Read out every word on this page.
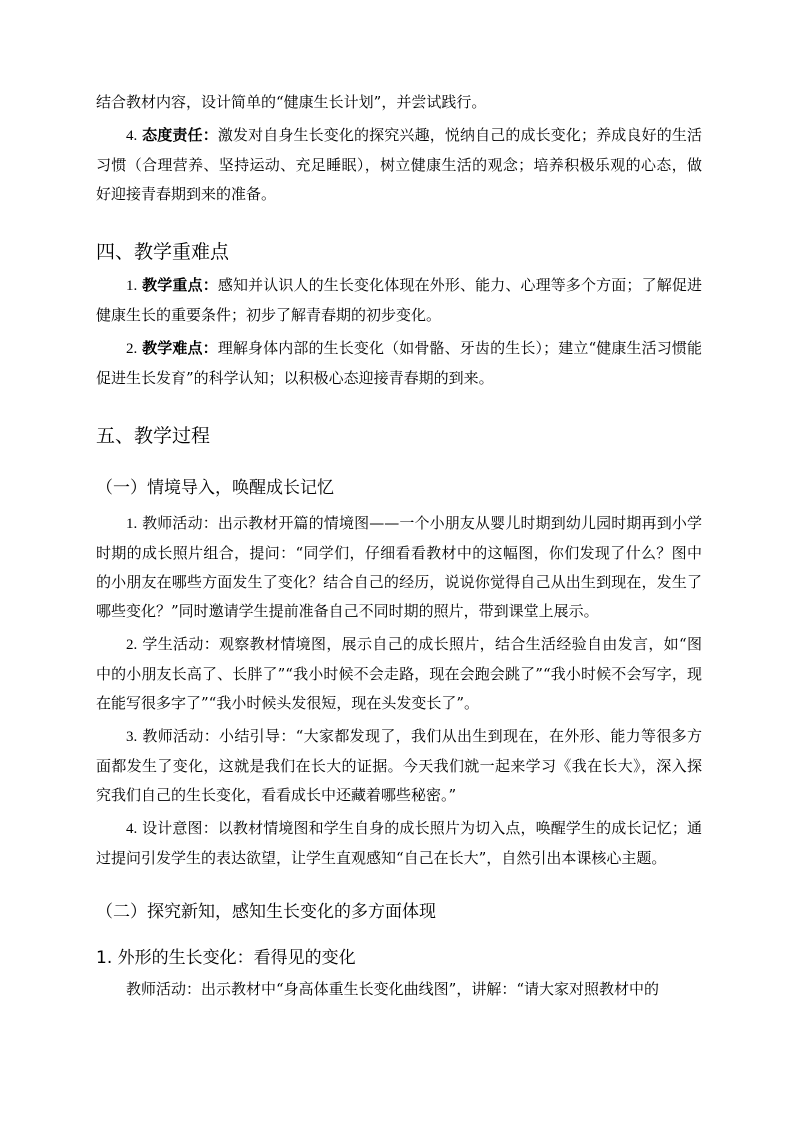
结合教材内容，设计简单的“健康生长计划”，并尝试践行。

4. 态度责任：激发对自身生长变化的探究兴趣，悦纳自己的成长变化；养成良好的生活习惯（合理营养、坚持运动、充足睡眠），树立健康生活的观念；培养积极乐观的心态，做好迎接青春期到来的准备。

四、教学重难点

1. 教学重点：感知并认识人的生长变化体现在外形、能力、心理等多个方面；了解促进健康生长的重要条件；初步了解青春期的初步变化。

2. 教学难点：理解身体内部的生长变化（如骨骼、牙齿的生长）；建立“健康生活习惯能促进生长发育”的科学认知；以积极心态迎接青春期的到来。

五、教学过程
（一）情境导入，唤醒成长记忆

1. 教师活动：出示教材开篇的情境图——一个小朋友从婴儿时期到幼儿园时期再到小学时期的成长照片组合，提问：“同学们，仔细看看教材中的这幅图，你们发现了什么？图中的小朋友在哪些方面发生了变化？结合自己的经历，说说你觉得自己从出生到现在，发生了哪些变化？”同时邀请学生提前准备自己不同时期的照片，带到课堂上展示。

2. 学生活动：观察教材情境图，展示自己的成长照片，结合生活经验自由发言，如“图中的小朋友长高了、长胖了”“我小时候不会走路，现在会跑会跳了”“我小时候不会写字，现在能写很多字了”“我小时候头发很短，现在头发变长了”。

3. 教师活动：小结引导：“大家都发现了，我们从出生到现在，在外形、能力等很多方面都发生了变化，这就是我们在长大的证据。今天我们就一起来学习《我在长大》，深入探究我们自己的生长变化，看看成长中还藏着哪些秘密。”

4. 设计意图：以教材情境图和学生自身的成长照片为切入点，唤醒学生的成长记忆；通过提问引发学生的表达欲望，让学生直观感知“自己在长大”，自然引出本课核心主题。

（二）探究新知，感知生长变化的多方面体现
1. 外形的生长变化：看得见的变化

教师活动：出示教材中“身高体重生长变化曲线图”，讲解：“请大家对照教材中的
